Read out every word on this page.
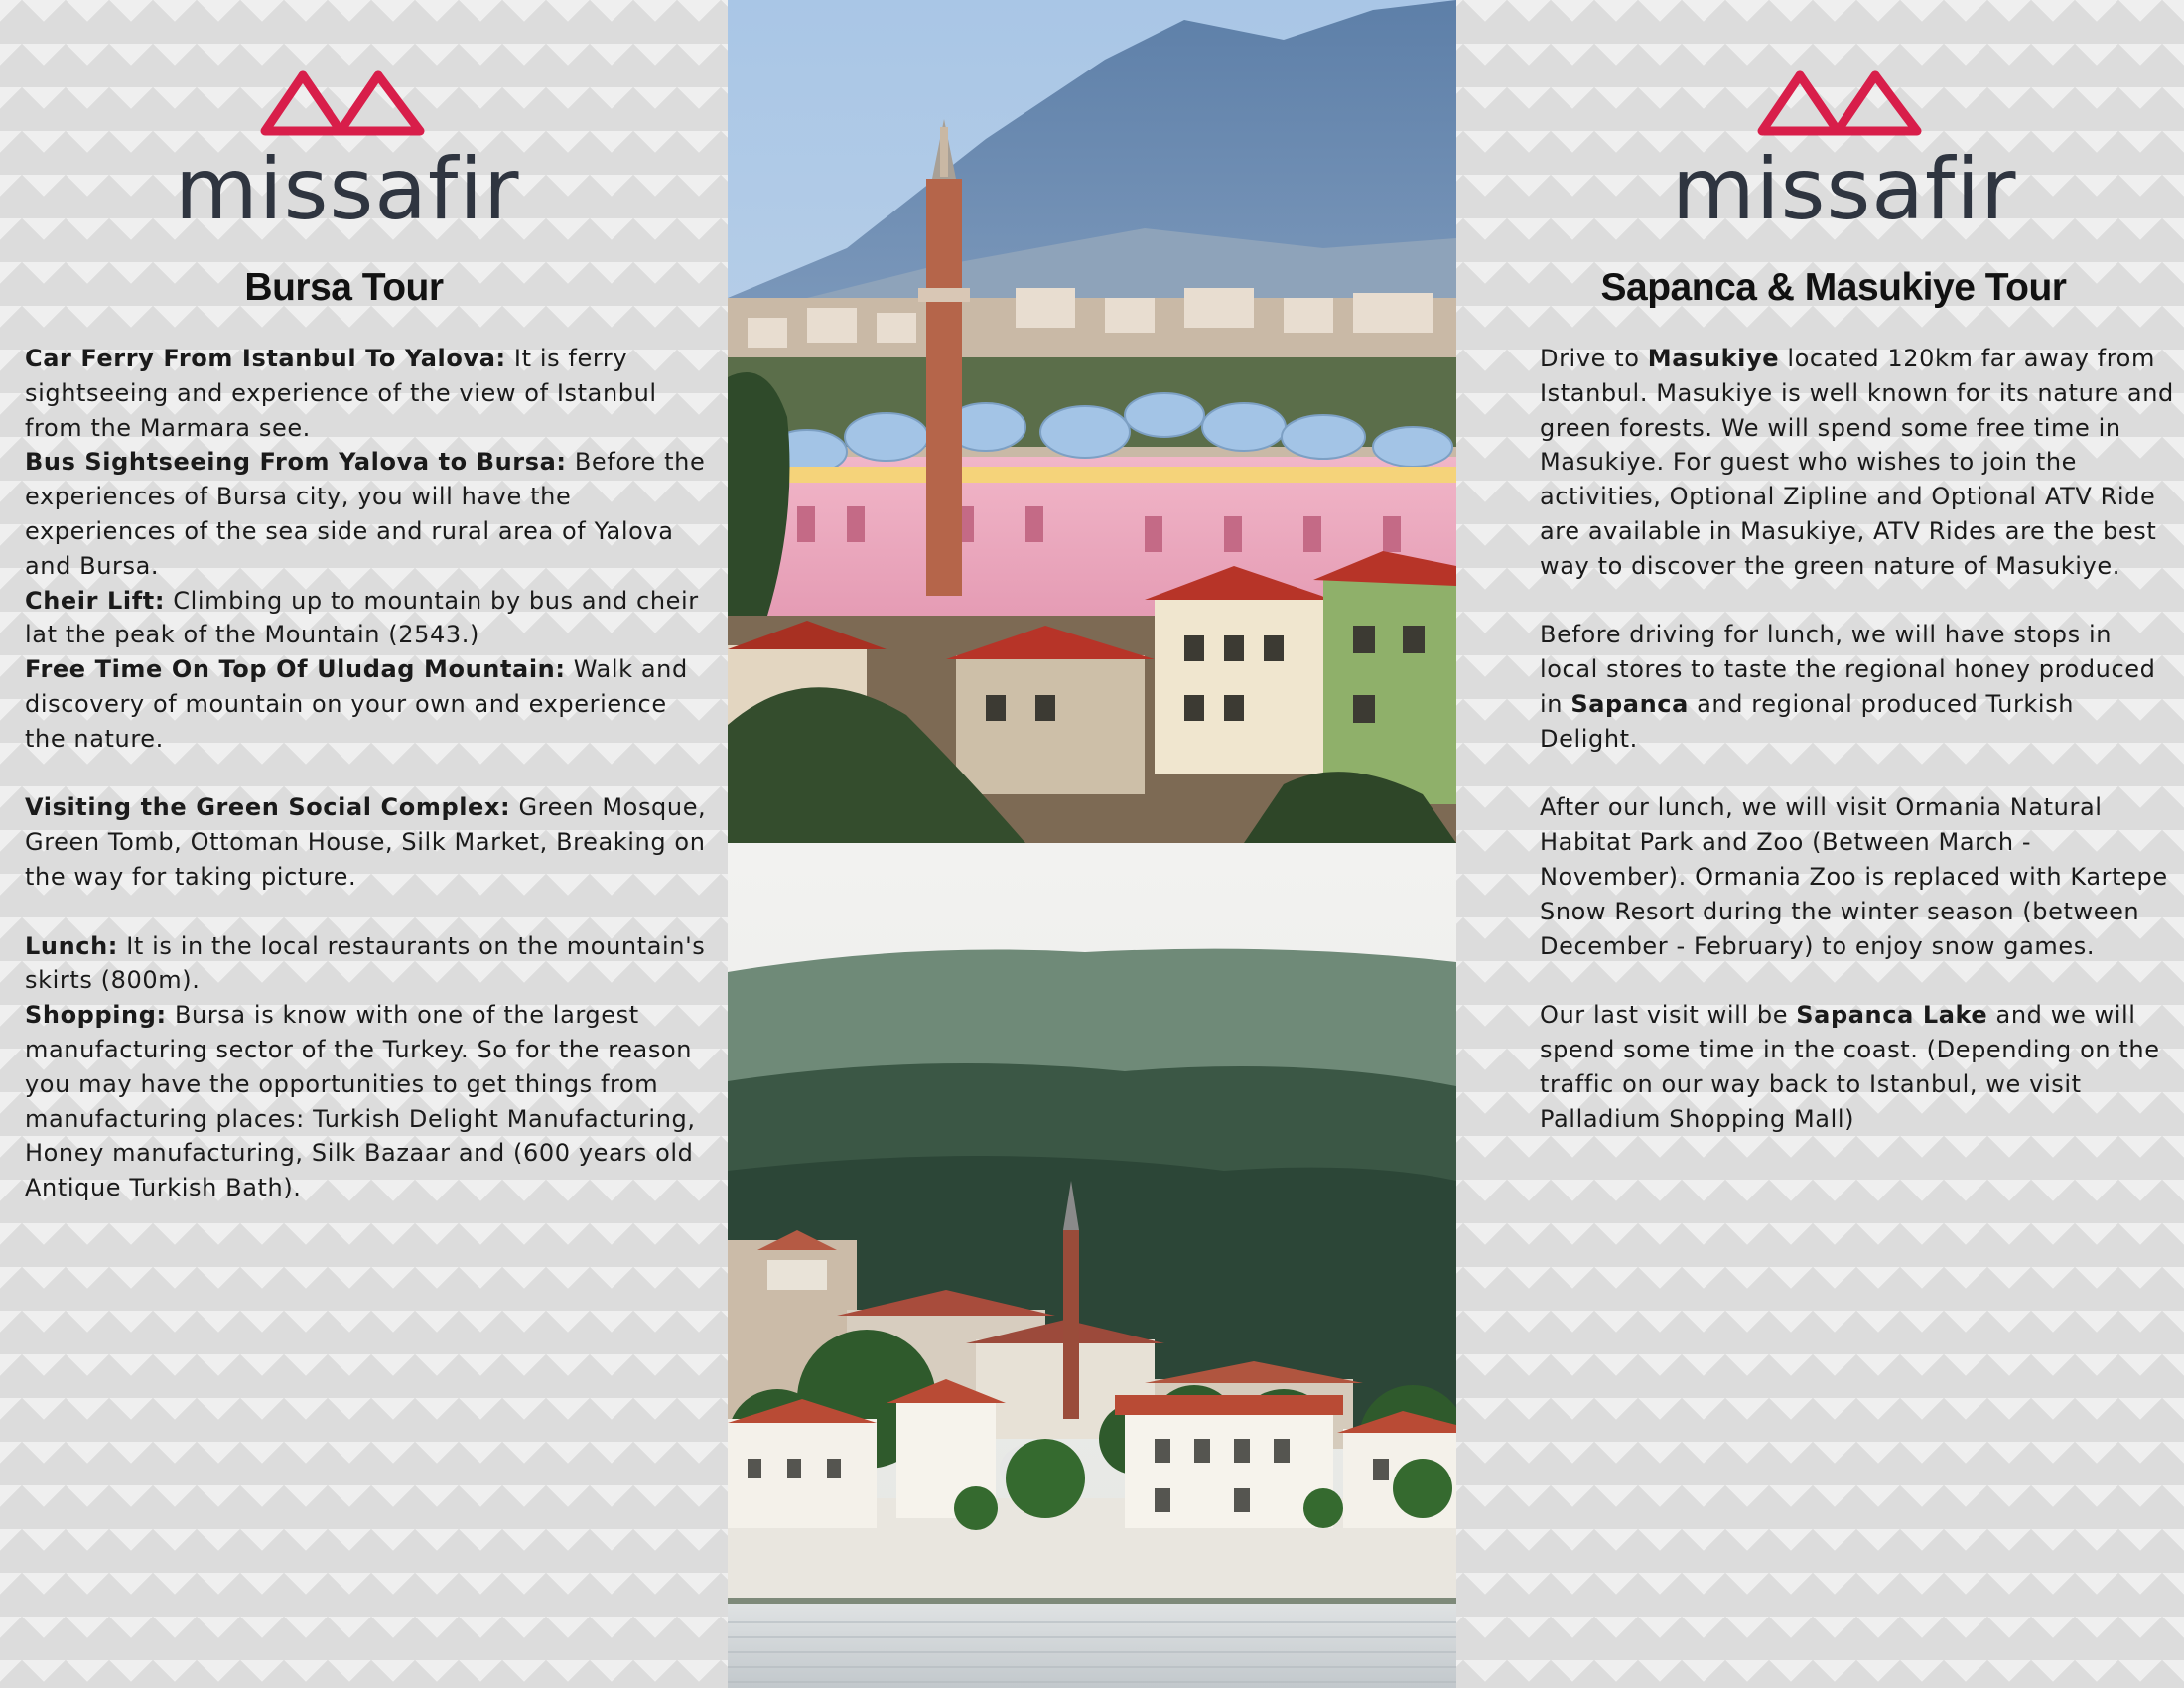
missafir
Bursa Tour

Car Ferry From Istanbul To Yalova: It is ferry sightseeing and experience of the view of Istanbul from the Marmara see.

Bus Sightseeing From Yalova to Bursa: Before the experiences of Bursa city, you will have the experiences of the sea side and rural area of Yalova and Bursa.

Cheir Lift: Climbing up to mountain by bus and cheir lat the peak of the Mountain (2543.)

Free Time On Top Of Uludag Mountain: Walk and discovery of mountain on your own and experience the nature.

Visiting the Green Social Complex: Green Mosque, Green Tomb, Ottoman House, Silk Market, Breaking on the way for taking picture.

Lunch: It is in the local restaurants on the mountain's skirts (800m).

Shopping: Bursa is know with one of the largest manufacturing sector of the Turkey. So for the reason you may have the opportunities to get things from manufacturing places: Turkish Delight Manufacturing, Honey manufacturing, Silk Bazaar and (600 years old Antique Turkish Bath).

missafir
Sapanca & Masukiye Tour

Drive to Masukiye located 120km far away from Istanbul. Masukiye is well known for its nature and green forests. We will spend some free time in Masukiye. For guest who wishes to join the activities, Optional Zipline and Optional ATV Ride are available in Masukiye, ATV Rides are the best way to discover the green nature of Masukiye.

Before driving for lunch, we will have stops in local stores to taste the regional honey produced in Sapanca and regional produced Turkish Delight.

After our lunch, we will visit Ormania Natural Habitat Park and Zoo (Between March - November). Ormania Zoo is replaced with Kartepe Snow Resort during the winter season (between December - February) to enjoy snow games.

Our last visit will be Sapanca Lake and we will spend some time in the coast. (Depending on the traffic on our way back to Istanbul, we visit Palladium Shopping Mall)
